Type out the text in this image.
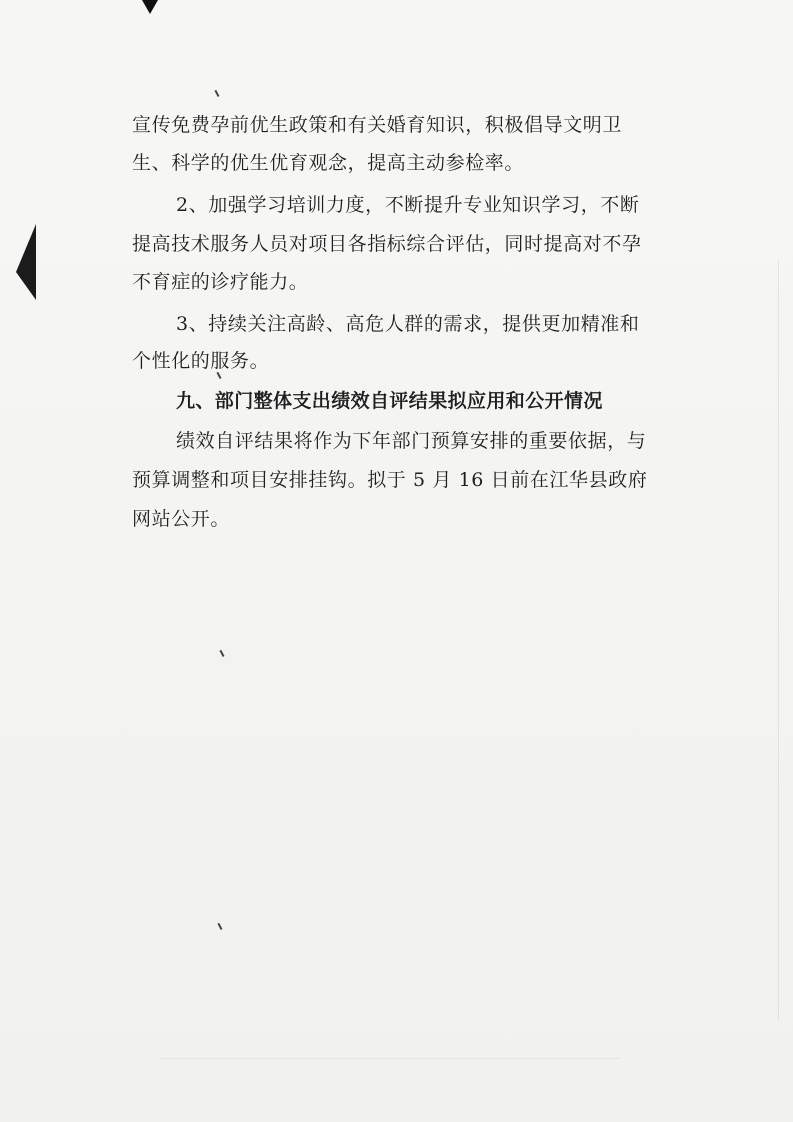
宣传免费孕前优生政策和有关婚育知识，积极倡导文明卫
生、科学的优生优育观念，提高主动参检率。
2、加强学习培训力度，不断提升专业知识学习，不断
提高技术服务人员对项目各指标综合评估，同时提高对不孕
不育症的诊疗能力。
3、持续关注高龄、高危人群的需求，提供更加精准和
个性化的服务。
九、部门整体支出绩效自评结果拟应用和公开情况
绩效自评结果将作为下年部门预算安排的重要依据，与
预算调整和项目安排挂钩。拟于 5 月 16 日前在江华县政府
网站公开。
